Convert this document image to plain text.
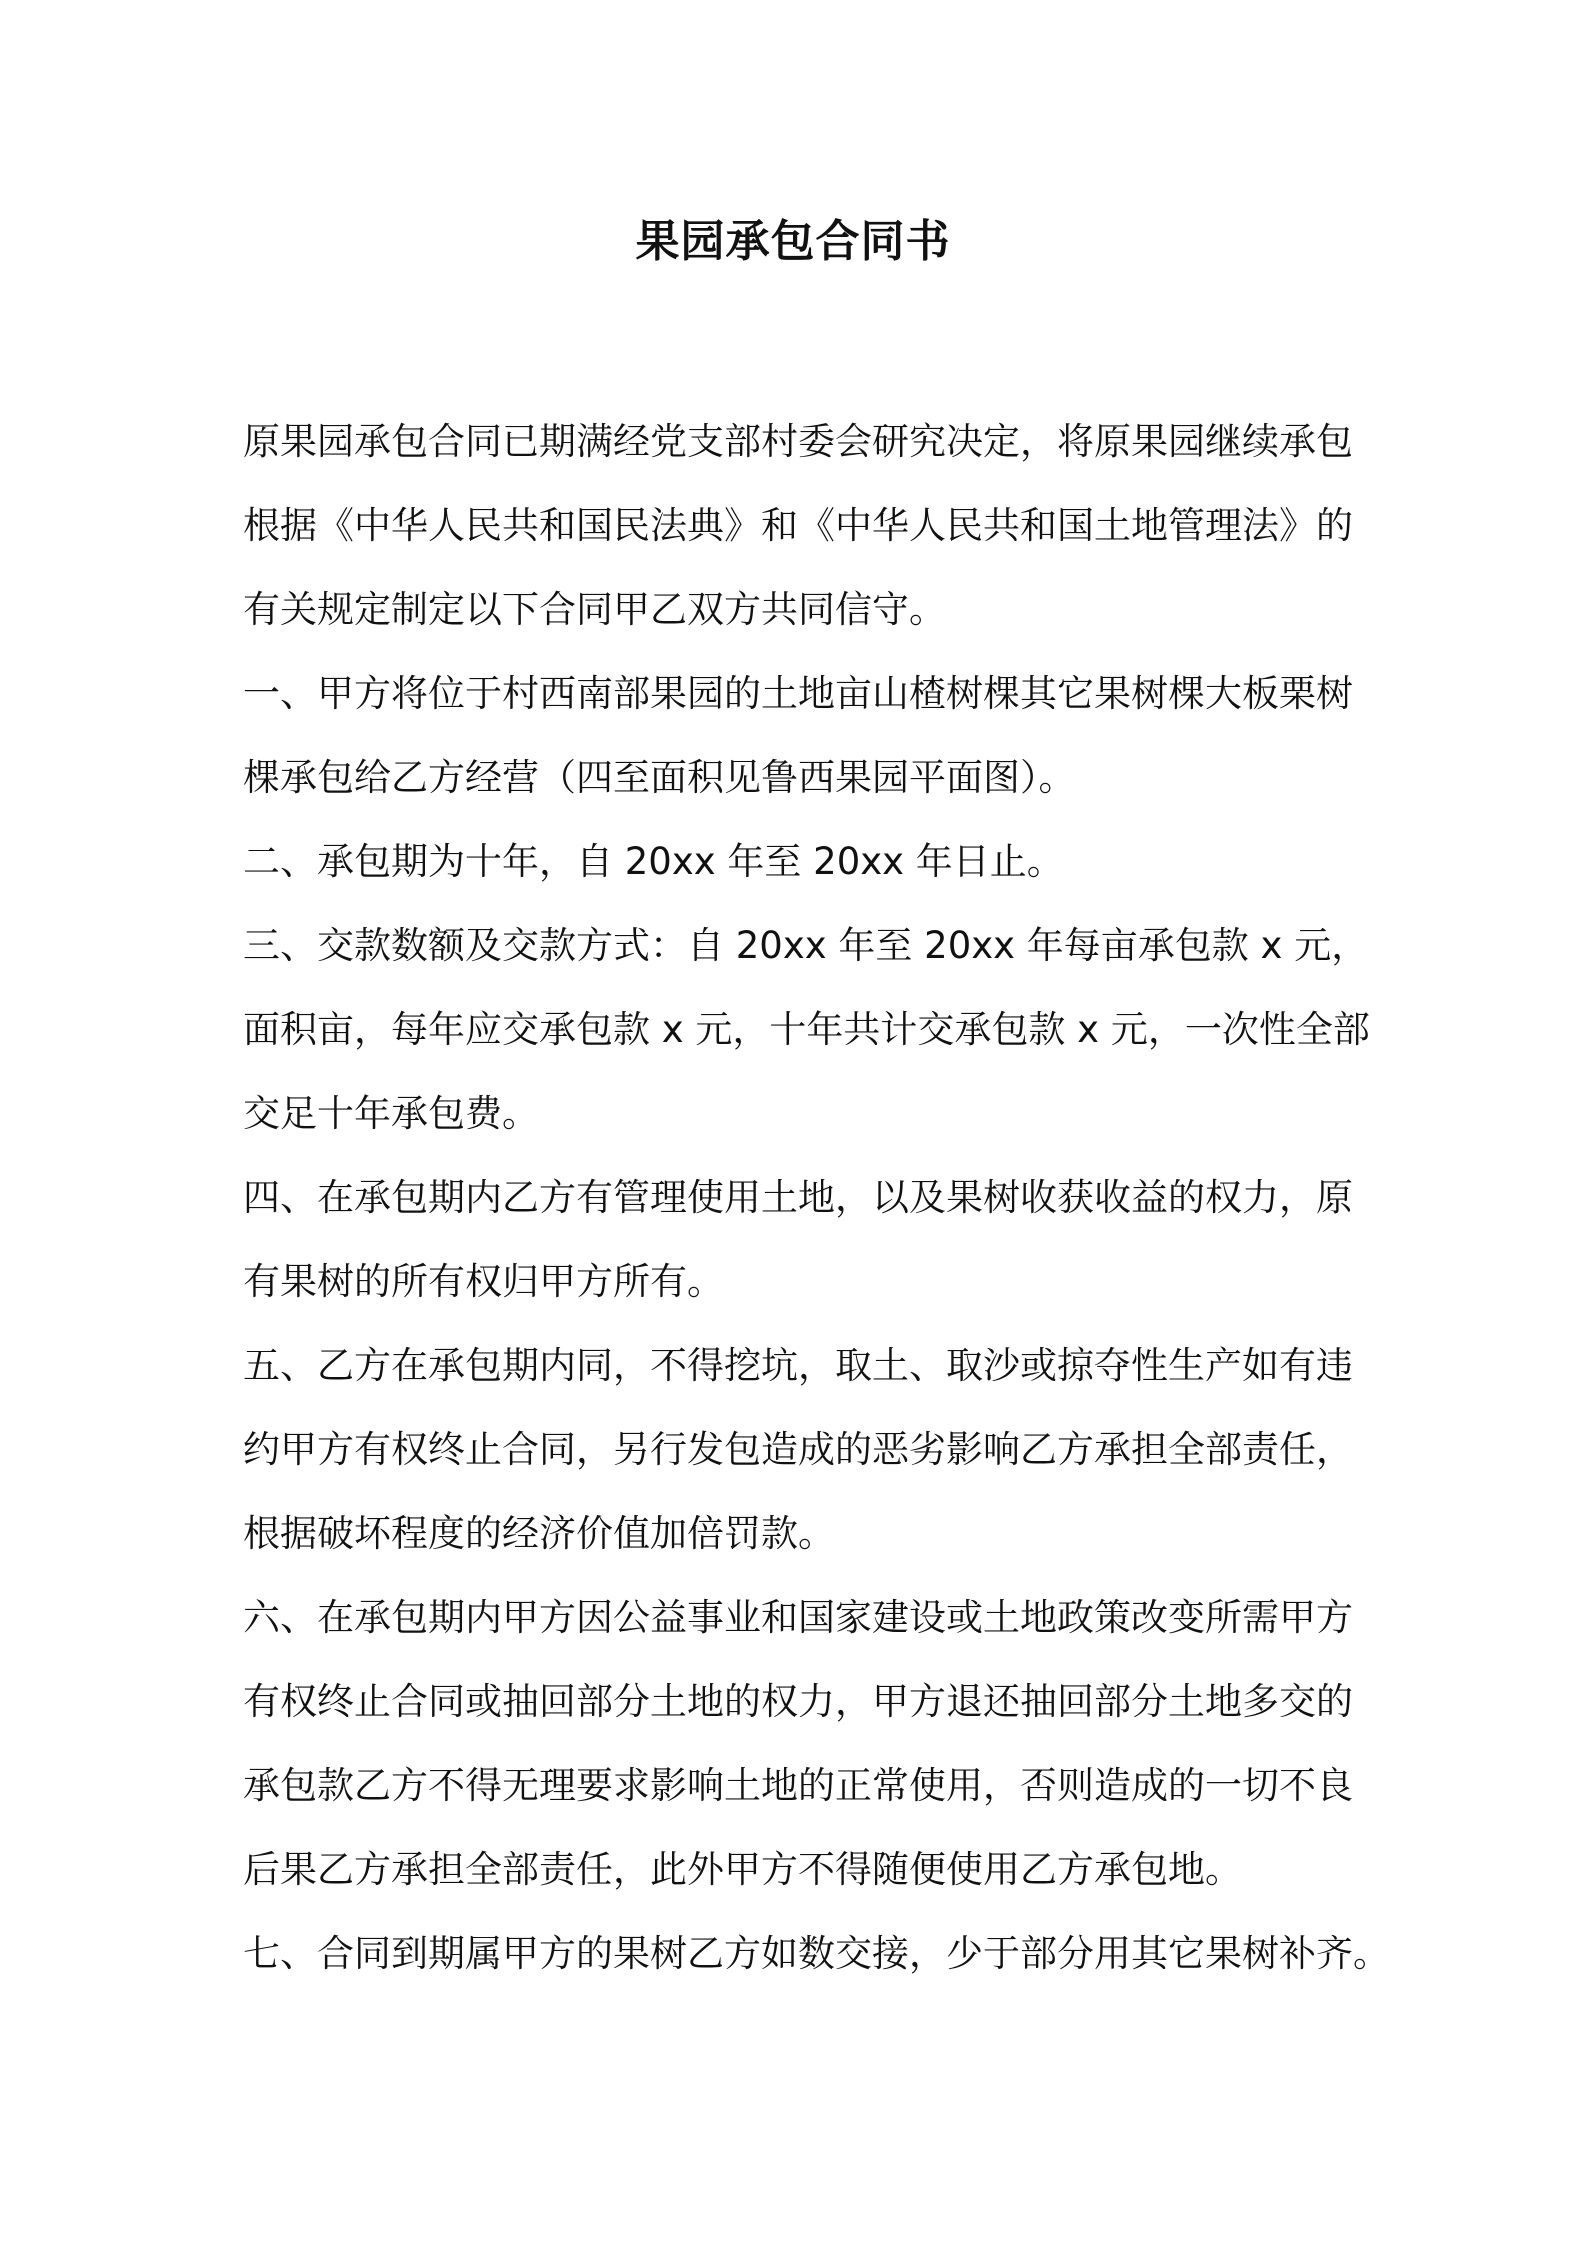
果园承包合同书

原果园承包合同已期满经党支部村委会研究决定，将原果园继续承包
根据《中华人民共和国民法典》和《中华人民共和国土地管理法》的
有关规定制定以下合同甲乙双方共同信守。

一、甲方将位于村西南部果园的土地亩山楂树棵其它果树棵大板栗树
棵承包给乙方经营（四至面积见鲁西果园平面图）。

二、承包期为十年，自 20xx 年至 20xx 年日止。

三、交款数额及交款方式：自 20xx 年至 20xx 年每亩承包款 x 元，
面积亩，每年应交承包款 x 元，十年共计交承包款 x 元，一次性全部
交足十年承包费。

四、在承包期内乙方有管理使用土地，以及果树收获收益的权力，原
有果树的所有权归甲方所有。

五、乙方在承包期内同，不得挖坑，取土、取沙或掠夺性生产如有违
约甲方有权终止合同，另行发包造成的恶劣影响乙方承担全部责任，
根据破坏程度的经济价值加倍罚款。

六、在承包期内甲方因公益事业和国家建设或土地政策改变所需甲方
有权终止合同或抽回部分土地的权力，甲方退还抽回部分土地多交的
承包款乙方不得无理要求影响土地的正常使用，否则造成的一切不良
后果乙方承担全部责任，此外甲方不得随便使用乙方承包地。

七、合同到期属甲方的果树乙方如数交接，少于部分用其它果树补齐。
